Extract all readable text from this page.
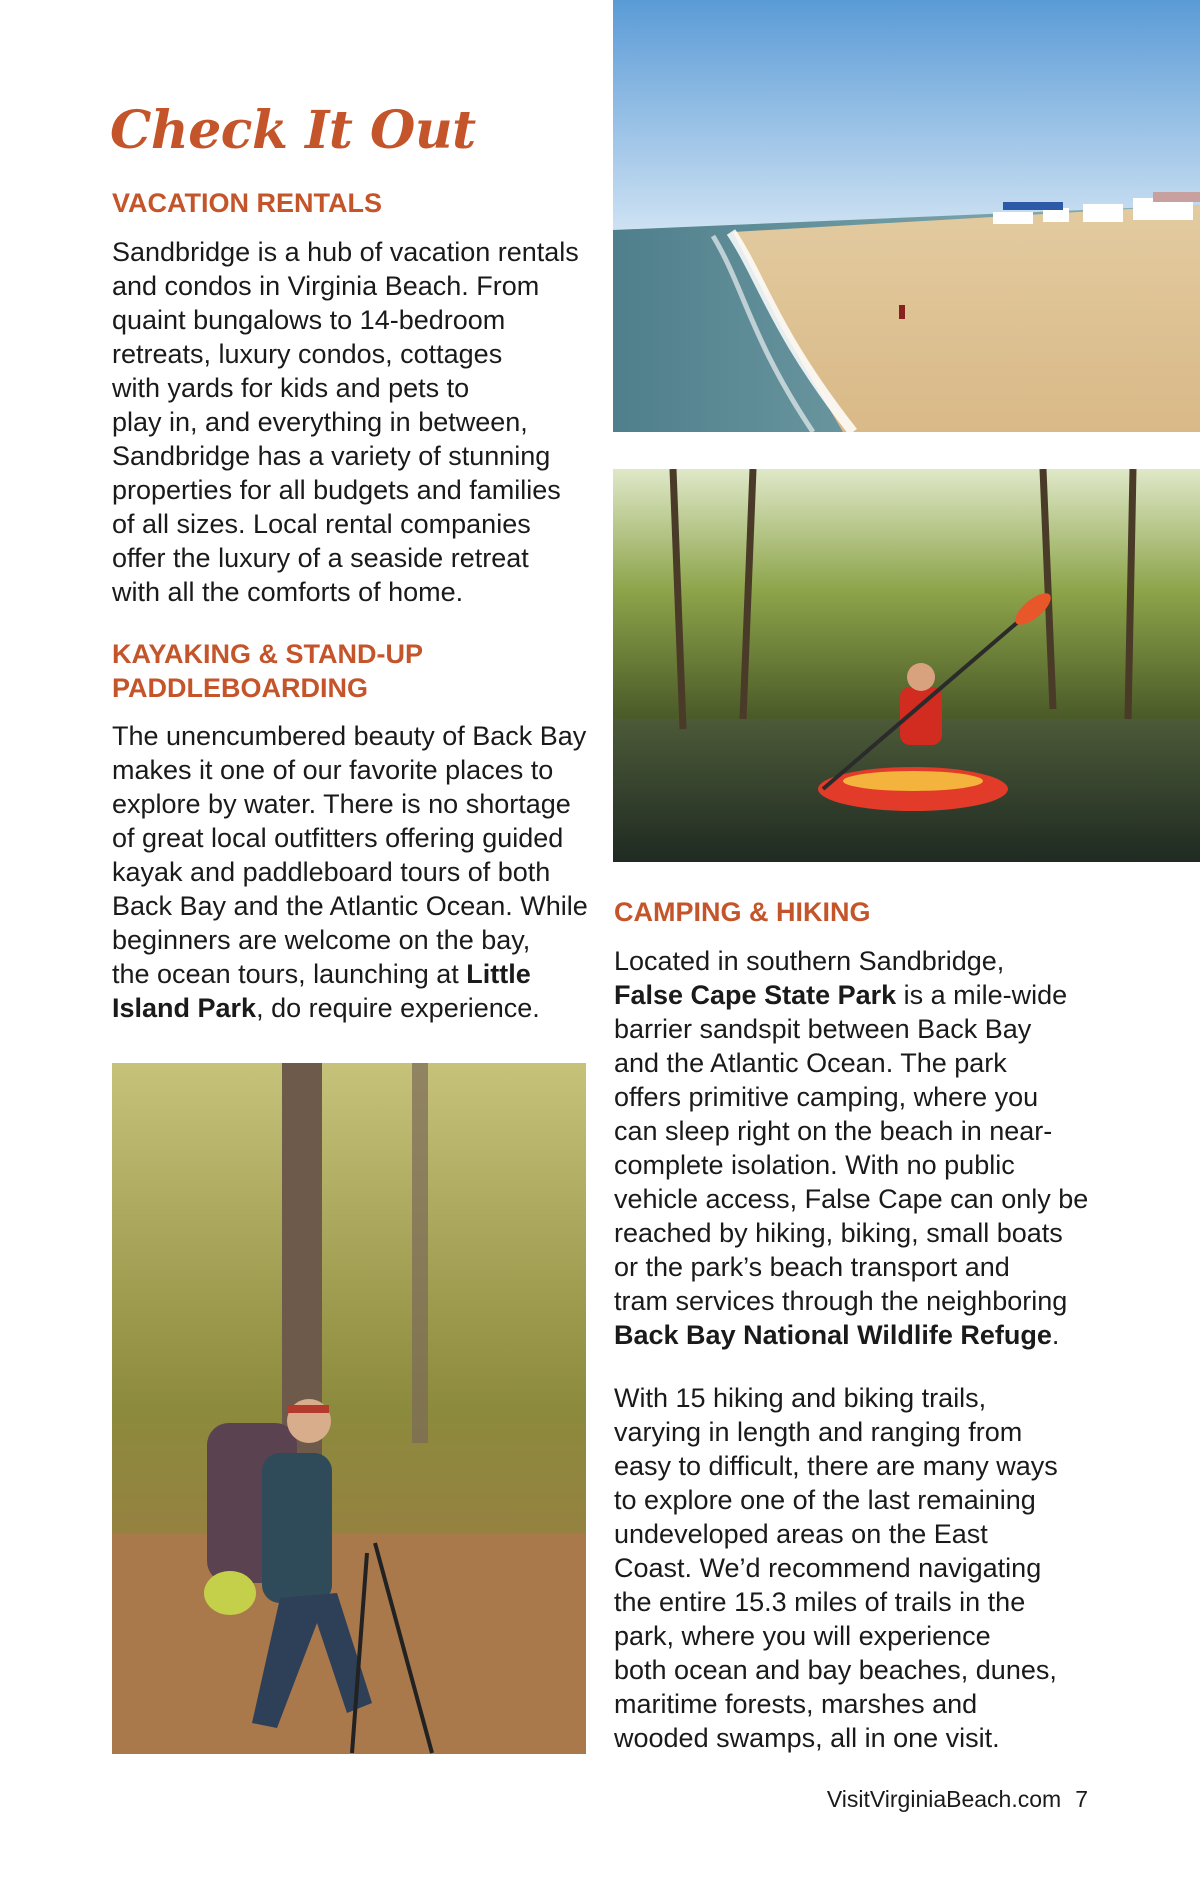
Check It Out
VACATION RENTALS
Sandbridge is a hub of vacation rentals
and condos in Virginia Beach. From
quaint bungalows to 14-bedroom
retreats, luxury condos, cottages
with yards for kids and pets to
play in, and everything in between,
Sandbridge has a variety of stunning
properties for all budgets and families
of all sizes. Local rental companies
offer the luxury of a seaside retreat
with all the comforts of home.
KAYAKING & STAND-UP
PADDLEBOARDING
The unencumbered beauty of Back Bay
makes it one of our favorite places to
explore by water. There is no shortage
of great local outfitters offering guided
kayak and paddleboard tours of both
Back Bay and the Atlantic Ocean. While
beginners are welcome on the bay,
the ocean tours, launching at Little
Island Park, do require experience.
CAMPING & HIKING
Located in southern Sandbridge,
False Cape State Park is a mile-wide
barrier sandspit between Back Bay
and the Atlantic Ocean. The park
offers primitive camping, where you
can sleep right on the beach in near-
complete isolation. With no public
vehicle access, False Cape can only be
reached by hiking, biking, small boats
or the park’s beach transport and
tram services through the neighboring
Back Bay National Wildlife Refuge.
With 15 hiking and biking trails,
varying in length and ranging from
easy to difficult, there are many ways
to explore one of the last remaining
undeveloped areas on the East
Coast. We’d recommend navigating
the entire 15.3 miles of trails in the
park, where you will experience
both ocean and bay beaches, dunes,
maritime forests, marshes and
wooded swamps, all in one visit.
VisitVirginiaBeach.com 7
